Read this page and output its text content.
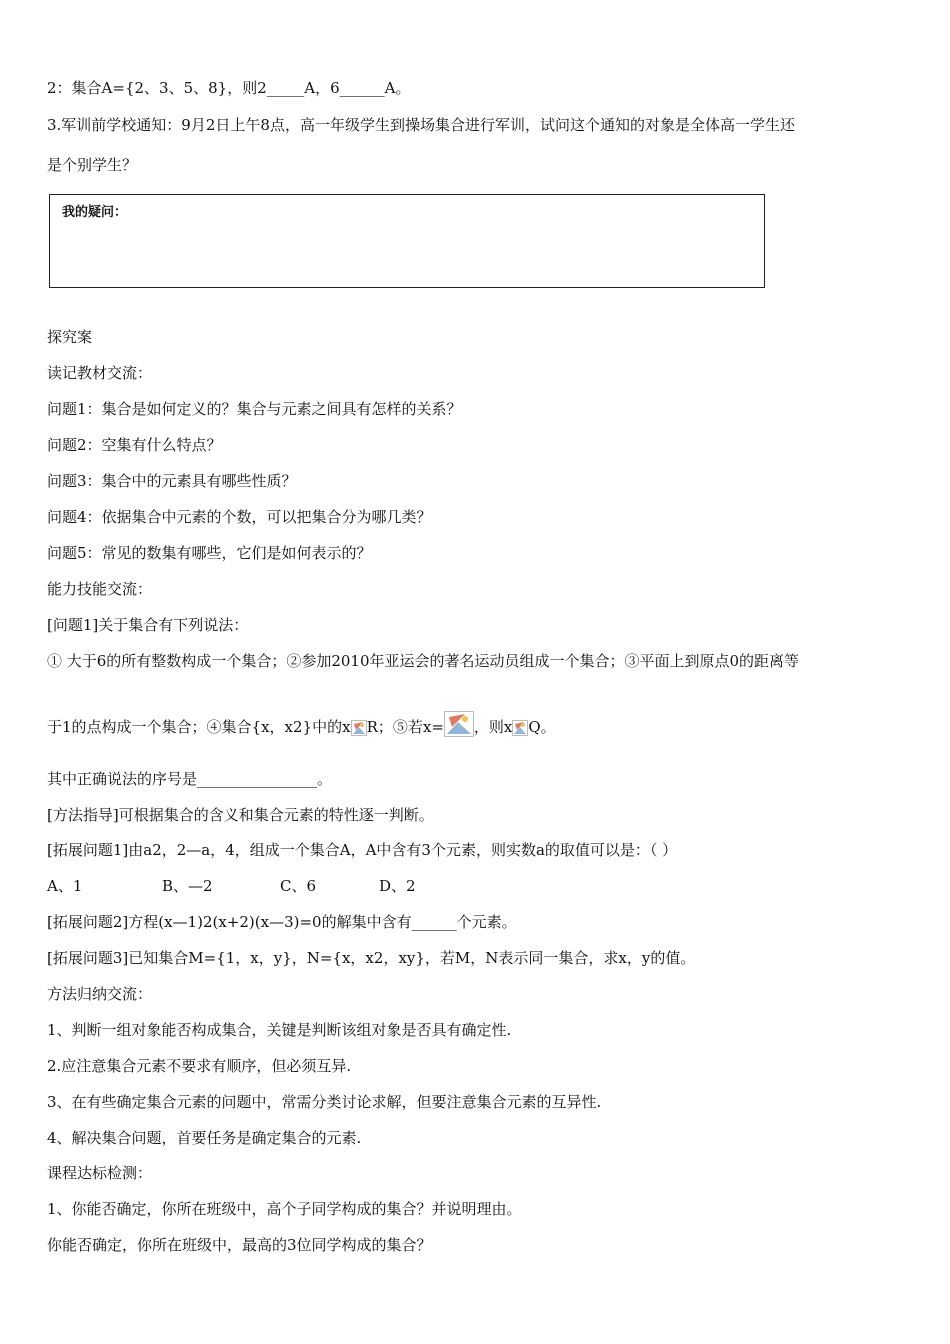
2：集合A={2、3、5、8}，则2_____A，6______A。
3.军训前学校通知：9月2日上午8点，高一年级学生到操场集合进行军训，试问这个通知的对象是全体高一学生还
是个别学生？
我的疑问：
探究案
读记教材交流：
问题1：集合是如何定义的？集合与元素之间具有怎样的关系？
问题2：空集有什么特点？
问题3：集合中的元素具有哪些性质？
问题4：依据集合中元素的个数，可以把集合分为哪几类？
问题5：常见的数集有哪些，它们是如何表示的？
能力技能交流：
[问题1]关于集合有下列说法：
① 大于6的所有整数构成一个集合；②参加2010年亚运会的著名运动员组成一个集合；③平面上到原点0的距离等
于1的点构成一个集合；④集合{x，x2}中的x R；⑤若x= ，则x Q。
其中正确说法的序号是________________。
[方法指导]可根据集合的含义和集合元素的特性逐一判断。
[拓展问题1]由a2，2—a，4，组成一个集合A，A中含有3个元素，则实数a的取值可以是：（ ）
A、1	B、—2	C、6	D、2
[拓展问题2]方程(x—1)2(x+2)(x—3)=0的解集中含有______个元素。
[拓展问题3]已知集合M={1，x，y}，N={x，x2，xy}，若M，N表示同一集合，求x，y的值。
方法归纳交流：
1、判断一组对象能否构成集合，关键是判断该组对象是否具有确定性.
2.应注意集合元素不要求有顺序，但必须互异.
3、在有些确定集合元素的问题中，常需分类讨论求解，但要注意集合元素的互异性.
4、解决集合问题，首要任务是确定集合的元素.
课程达标检测：
1、你能否确定，你所在班级中，高个子同学构成的集合？并说明理由。
你能否确定，你所在班级中，最高的3位同学构成的集合？
